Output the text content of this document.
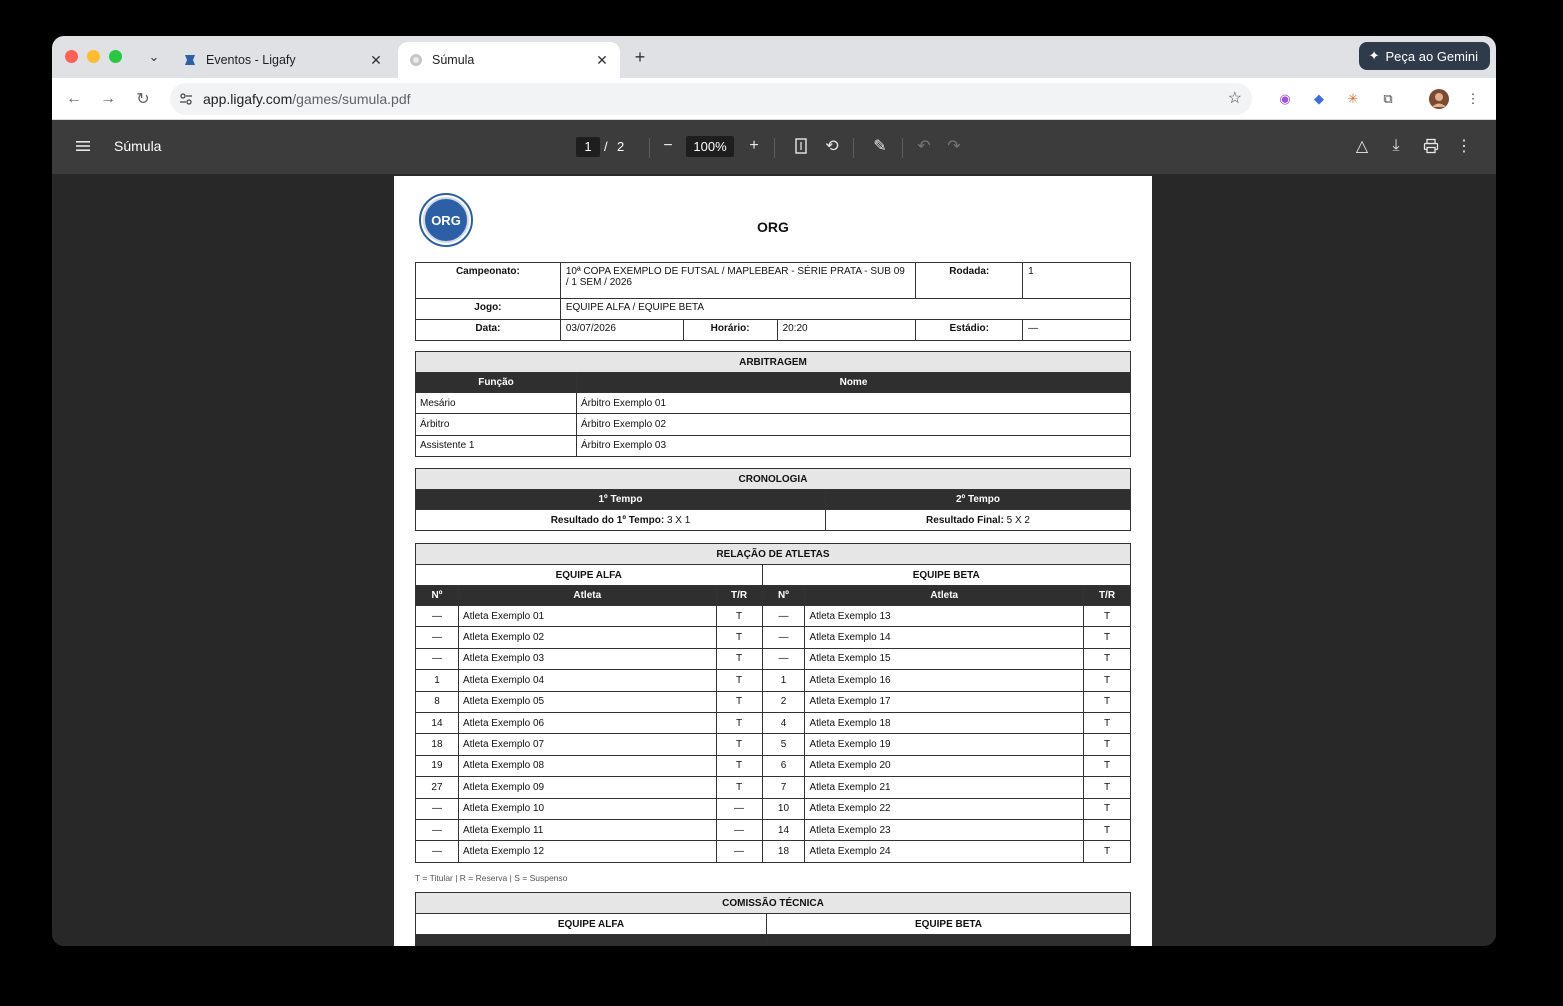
⌄	Eventos - Ligafy	✕	Súmula	✕	+	✦ Peça ao Gemini
← →	↻	app.ligafy.com/games/sumula.pdf	☆	◉	◆	✳	⧉	⋮
Súmula	1 / 2	−	100%	+	⟲	✎	↶	↷	△	⤓	⋮
ORG	ORG
Campeonato:	10ª COPA EXEMPLO DE FUTSAL / MAPLEBEAR - SÉRIE PRATA - SUB 09 / 1 SEM / 2026			Rodada:	1
Jogo:	EQUIPE ALFA / EQUIPE BETA				
Data:	03/07/2026	Horário:	20:20	Estádio:	—
ARBITRAGEM	
Função	Nome
Mesário	Árbitro Exemplo 01
Árbitro	Árbitro Exemplo 02
Assistente 1	Árbitro Exemplo 03
CRONOLOGIA	
1º Tempo	2º Tempo
Resultado do 1º Tempo: 3 X 1	Resultado Final: 5 X 2
RELAÇÃO DE ATLETAS					
EQUIPE ALFA			EQUIPE BETA		
Nº	Atleta	T/R	Nº	Atleta	T/R
—	Atleta Exemplo 01	T	—	Atleta Exemplo 13	T
—	Atleta Exemplo 02	T	—	Atleta Exemplo 14	T
—	Atleta Exemplo 03	T	—	Atleta Exemplo 15	T
1	Atleta Exemplo 04	T	1	Atleta Exemplo 16	T
8	Atleta Exemplo 05	T	2	Atleta Exemplo 17	T
14	Atleta Exemplo 06	T	4	Atleta Exemplo 18	T
18	Atleta Exemplo 07	T	5	Atleta Exemplo 19	T
19	Atleta Exemplo 08	T	6	Atleta Exemplo 20	T
27	Atleta Exemplo 09	T	7	Atleta Exemplo 21	T
—	Atleta Exemplo 10	—	10	Atleta Exemplo 22	T
—	Atleta Exemplo 11	—	14	Atleta Exemplo 23	T
—	Atleta Exemplo 12	—	18	Atleta Exemplo 24	T
T = Titular | R = Reserva | S = Suspenso
COMISSÃO TÉCNICA	
EQUIPE ALFA	EQUIPE BETA
